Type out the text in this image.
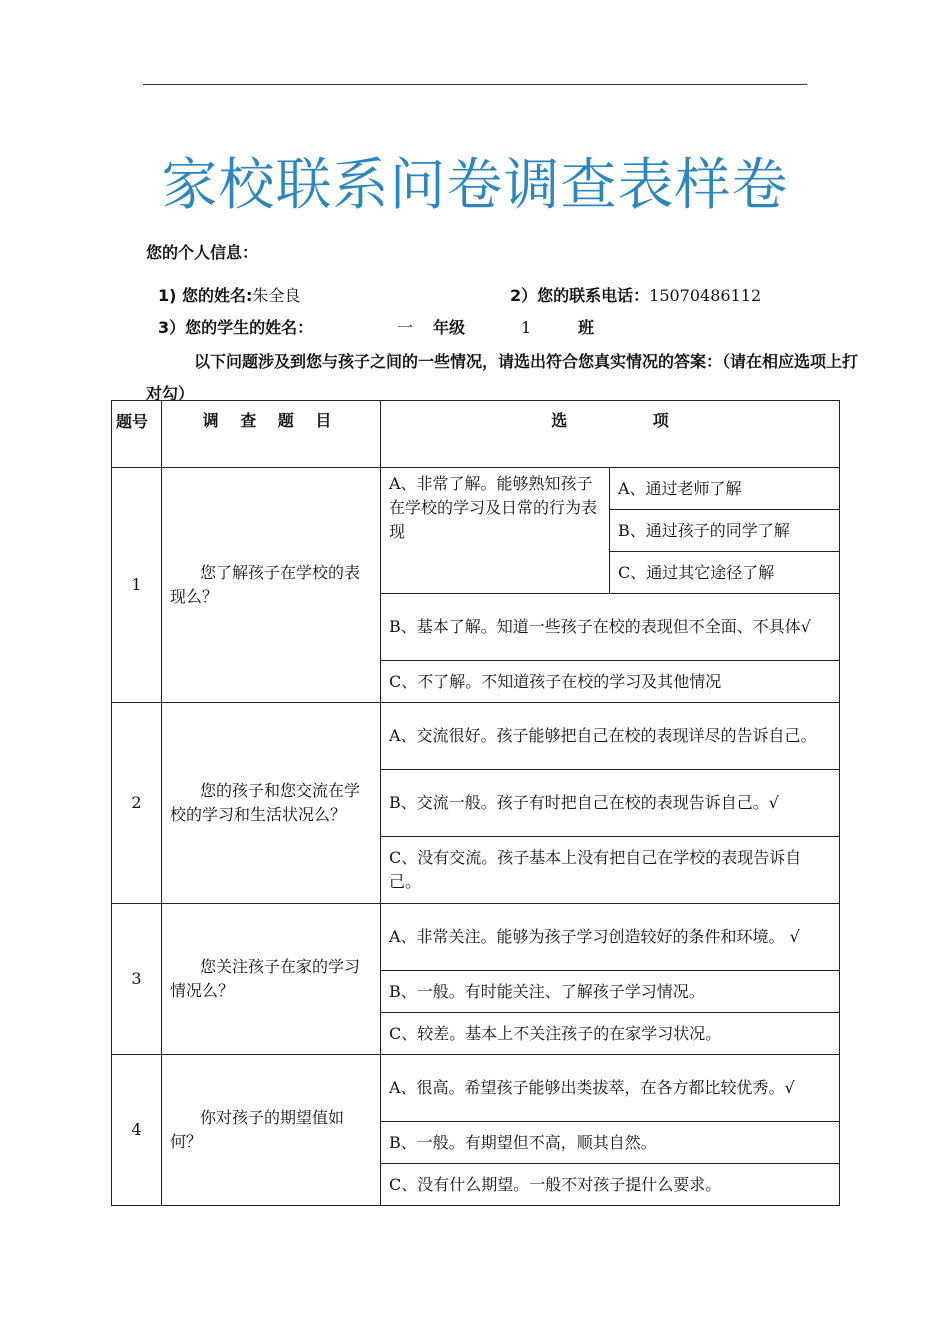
家校联系问卷调查表样卷
您的个人信息：
1) 您的姓名:朱全良	2）您的联系电话：15070486112
3）您的学生的姓名：	一 年级	1	班
以下问题涉及到您与孩子之间的一些情况，请选出符合您真实情况的答案：（请在相应选项上打对勾）
题号	调 查 题 目	选 项	
1	您了解孩子在学校的表现么？	A、非常了解。能够熟知孩子在学校的学习及日常的行为表现	A、通过老师了解
			B、通过孩子的同学了解
			C、通过其它途径了解
		B、基本了解。知道一些孩子在校的表现但不全面、不具体√	
		C、不了解。不知道孩子在校的学习及其他情况	
2	您的孩子和您交流在学校的学习和生活状况么？	A、交流很好。孩子能够把自己在校的表现详尽的告诉自己。	
		B、交流一般。孩子有时把自己在校的表现告诉自己。√	
		C、没有交流。孩子基本上没有把自己在学校的表现告诉自己。	
3	您关注孩子在家的学习情况么？	A、非常关注。能够为孩子学习创造较好的条件和环境。 √	
		B、一般。有时能关注、了解孩子学习情况。	
		C、较差。基本上不关注孩子的在家学习状况。	
4	你对孩子的期望值如何？	A、很高。希望孩子能够出类拔萃，在各方都比较优秀。√	
		B、一般。有期望但不高，顺其自然。	
		C、没有什么期望。一般不对孩子提什么要求。	
